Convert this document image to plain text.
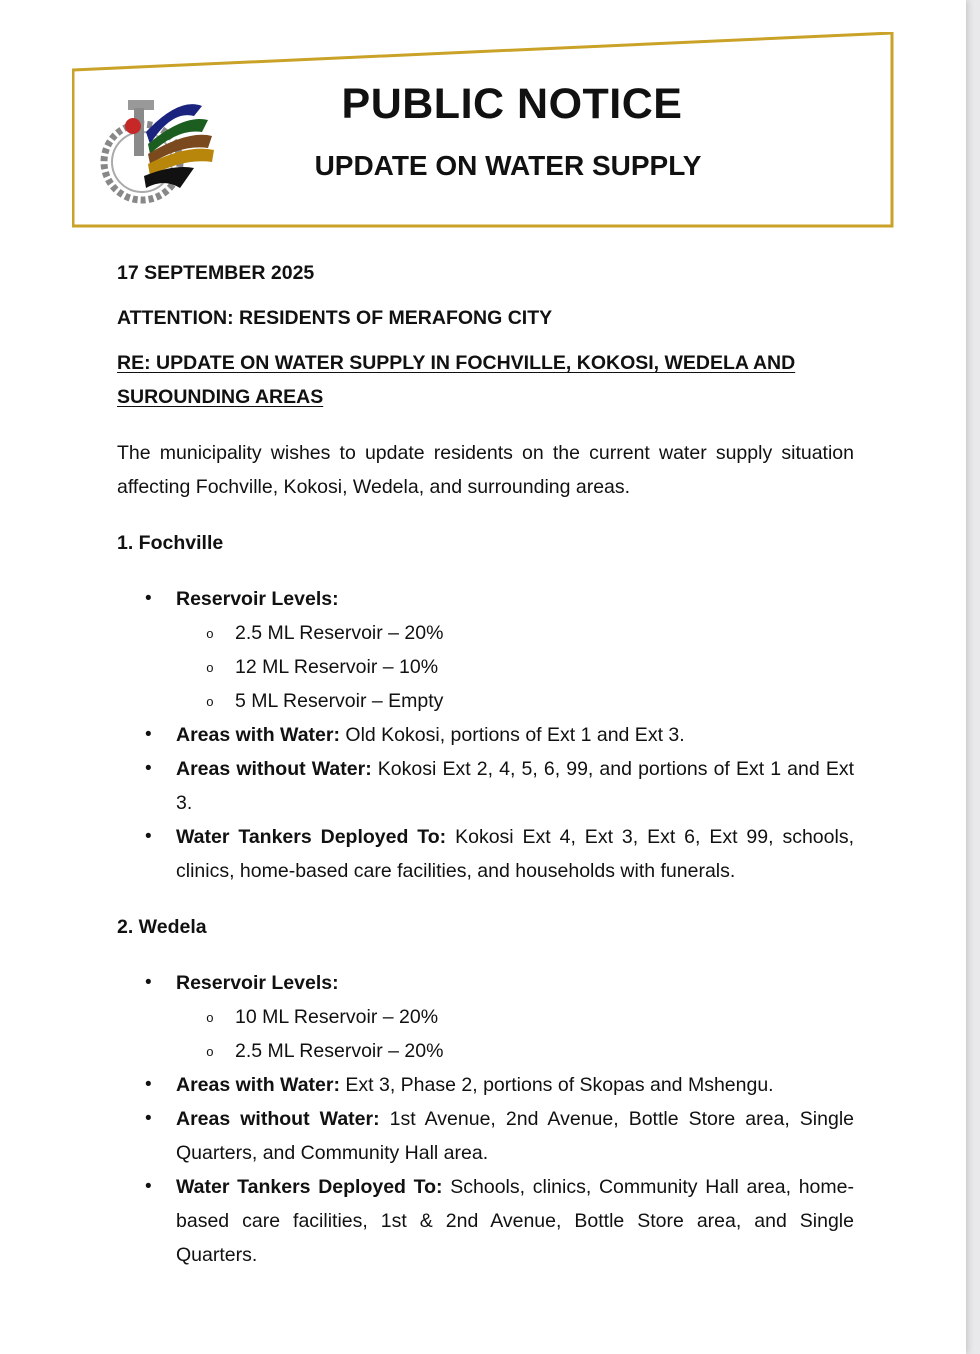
PUBLIC NOTICE
UPDATE ON WATER SUPPLY

17 SEPTEMBER 2025

ATTENTION: RESIDENTS OF MERAFONG CITY

RE: UPDATE ON WATER SUPPLY IN FOCHVILLE, KOKOSI, WEDELA AND SUROUNDING AREAS

The municipality wishes to update residents on the current water supply situation affecting Fochville, Kokosi, Wedela, and surrounding areas.

1. Fochville

• Reservoir Levels:
o 2.5 ML Reservoir – 20%
o 12 ML Reservoir – 10%
o 5 ML Reservoir – Empty
• Areas with Water: Old Kokosi, portions of Ext 1 and Ext 3.
• Areas without Water: Kokosi Ext 2, 4, 5, 6, 99, and portions of Ext 1 and Ext 3.
• Water Tankers Deployed To: Kokosi Ext 4, Ext 3, Ext 6, Ext 99, schools, clinics, home-based care facilities, and households with funerals.

2. Wedela

• Reservoir Levels:
o 10 ML Reservoir – 20%
o 2.5 ML Reservoir – 20%
• Areas with Water: Ext 3, Phase 2, portions of Skopas and Mshengu.
• Areas without Water: 1st Avenue, 2nd Avenue, Bottle Store area, Single Quarters, and Community Hall area.
• Water Tankers Deployed To: Schools, clinics, Community Hall area, home-based care facilities, 1st & 2nd Avenue, Bottle Store area, and Single Quarters.
